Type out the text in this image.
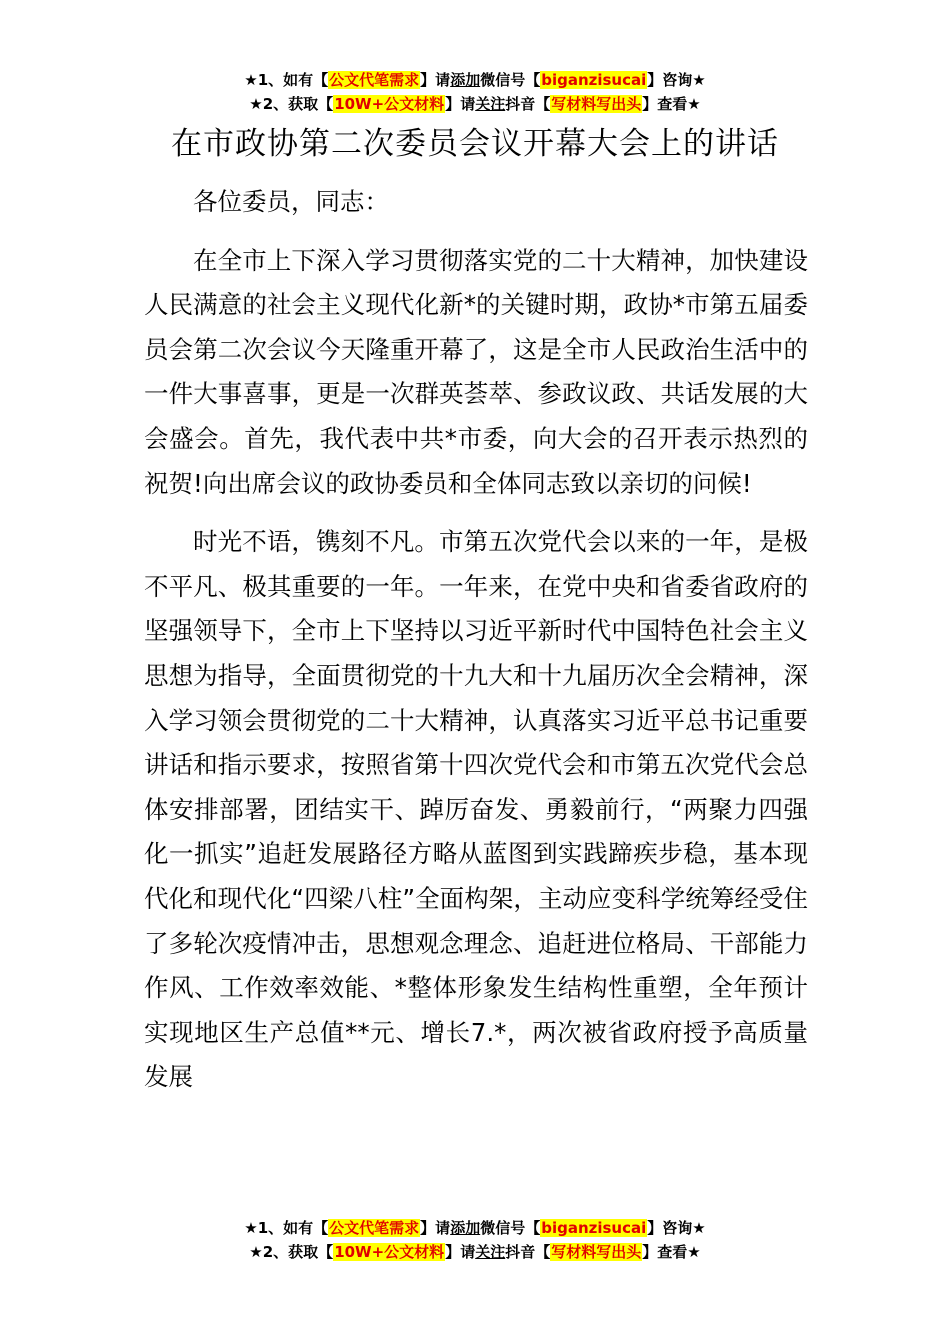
★1、如有【公文代笔需求】请添加微信号【biganzisucai】咨询★
★2、获取【10W+公文材料】请关注抖音【写材料写出头】查看★
在市政协第二次委员会议开幕大会上的讲话

各位委员，同志：

在全市上下深入学习贯彻落实党的二十大精神，加快建设人民满意的社会主义现代化新*的关键时期，政协*市第五届委员会第二次会议今天隆重开幕了，这是全市人民政治生活中的一件大事喜事，更是一次群英荟萃、参政议政、共话发展的大会盛会。首先，我代表中共*市委，向大会的召开表示热烈的祝贺!向出席会议的政协委员和全体同志致以亲切的问候!

时光不语，镌刻不凡。市第五次党代会以来的一年，是极不平凡、极其重要的一年。一年来，在党中央和省委省政府的坚强领导下，全市上下坚持以习近平新时代中国特色社会主义思想为指导，全面贯彻党的十九大和十九届历次全会精神，深入学习领会贯彻党的二十大精神，认真落实习近平总书记重要讲话和指示要求，按照省第十四次党代会和市第五次党代会总体安排部署，团结实干、踔厉奋发、勇毅前行，“两聚力四强化一抓实”追赶发展路径方略从蓝图到实践蹄疾步稳，基本现代化和现代化“四梁八柱”全面构架，主动应变科学统筹经受住了多轮次疫情冲击，思想观念理念、追赶进位格局、干部能力作风、工作效率效能、*整体形象发生结构性重塑，全年预计实现地区生产总值**元、增长7.*，两次被省政府授予高质量发展

★1、如有【公文代笔需求】请添加微信号【biganzisucai】咨询★
★2、获取【10W+公文材料】请关注抖音【写材料写出头】查看★
